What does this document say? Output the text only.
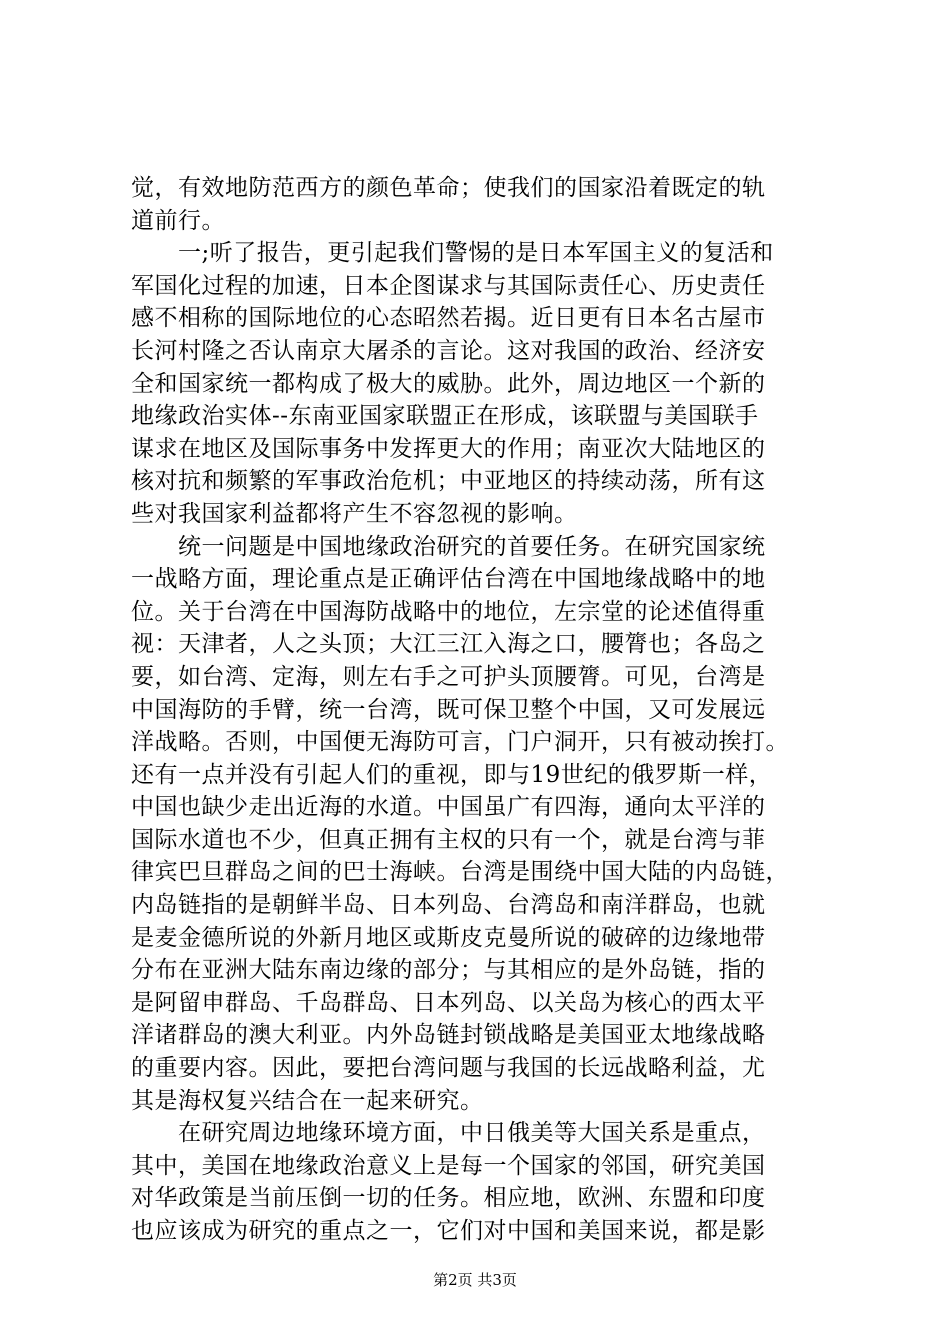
觉，有效地防范西方的颜色革命；使我们的国家沿着既定的轨
道前行。
　　一;听了报告，更引起我们警惕的是日本军国主义的复活和
军国化过程的加速，日本企图谋求与其国际责任心、历史责任
感不相称的国际地位的心态昭然若揭。近日更有日本名古屋市
长河村隆之否认南京大屠杀的言论。这对我国的政治、经济安
全和国家统一都构成了极大的威胁。此外，周边地区一个新的
地缘政治实体--东南亚国家联盟正在形成，该联盟与美国联手
谋求在地区及国际事务中发挥更大的作用；南亚次大陆地区的
核对抗和频繁的军事政治危机；中亚地区的持续动荡，所有这
些对我国家利益都将产生不容忽视的影响。
　　统一问题是中国地缘政治研究的首要任务。在研究国家统
一战略方面，理论重点是正确评估台湾在中国地缘战略中的地
位。关于台湾在中国海防战略中的地位，左宗堂的论述值得重
视：天津者，人之头顶；大江三江入海之口，腰膂也；各岛之
要，如台湾、定海，则左右手之可护头顶腰膂。可见，台湾是
中国海防的手臂，统一台湾，既可保卫整个中国，又可发展远
洋战略。否则，中国便无海防可言，门户洞开，只有被动挨打。
还有一点并没有引起人们的重视，即与19世纪的俄罗斯一样，
中国也缺少走出近海的水道。中国虽广有四海，通向太平洋的
国际水道也不少，但真正拥有主权的只有一个，就是台湾与菲
律宾巴旦群岛之间的巴士海峡。台湾是围绕中国大陆的内岛链，
内岛链指的是朝鲜半岛、日本列岛、台湾岛和南洋群岛，也就
是麦金德所说的外新月地区或斯皮克曼所说的破碎的边缘地带
分布在亚洲大陆东南边缘的部分；与其相应的是外岛链，指的
是阿留申群岛、千岛群岛、日本列岛、以关岛为核心的西太平
洋诸群岛的澳大利亚。内外岛链封锁战略是美国亚太地缘战略
的重要内容。因此，要把台湾问题与我国的长远战略利益，尤
其是海权复兴结合在一起来研究。
　　在研究周边地缘环境方面，中日俄美等大国关系是重点，
其中，美国在地缘政治意义上是每一个国家的邻国，研究美国
对华政策是当前压倒一切的任务。相应地，欧洲、东盟和印度
也应该成为研究的重点之一，它们对中国和美国来说，都是影
第2页 共3页
